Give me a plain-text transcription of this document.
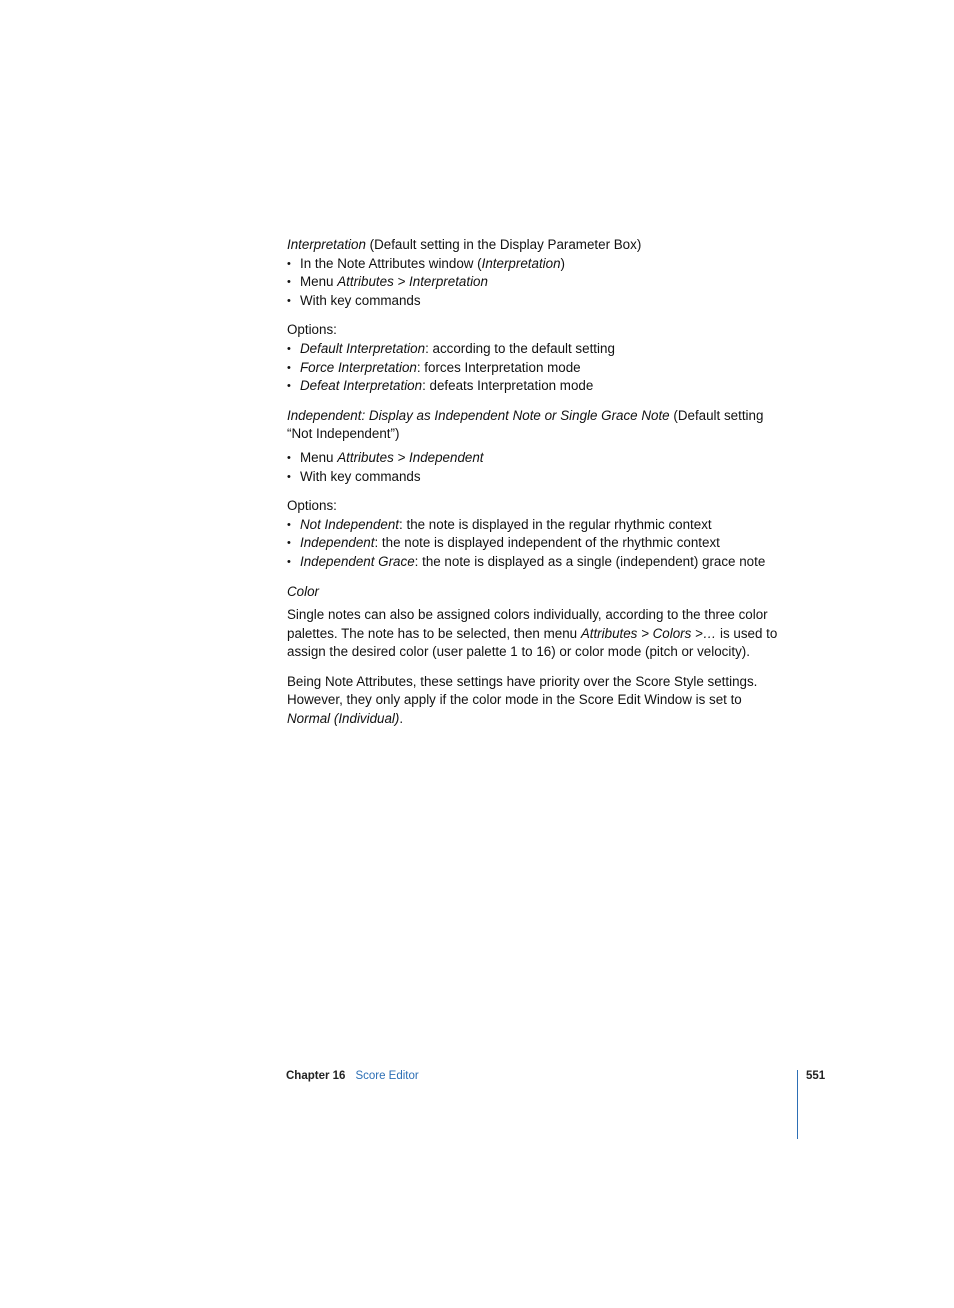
Interpretation (Default setting in the Display Parameter Box)

• In the Note Attributes window (Interpretation)
• Menu Attributes > Interpretation
• With key commands

Options:

• Default Interpretation: according to the default setting
• Force Interpretation: forces Interpretation mode
• Defeat Interpretation: defeats Interpretation mode

Independent: Display as Independent Note or Single Grace Note (Default setting “Not Independent”)

• Menu Attributes > Independent
• With key commands

Options:

• Not Independent: the note is displayed in the regular rhythmic context
• Independent: the note is displayed independent of the rhythmic context
• Independent Grace: the note is displayed as a single (independent) grace note

Color

Single notes can also be assigned colors individually, according to the three color palettes. The note has to be selected, then menu Attributes > Colors >… is used to assign the desired color (user palette 1 to 16) or color mode (pitch or velocity).

Being Note Attributes, these settings have priority over the Score Style settings. However, they only apply if the color mode in the Score Edit Window is set to Normal (Individual).

Chapter 16 Score Editor	551
